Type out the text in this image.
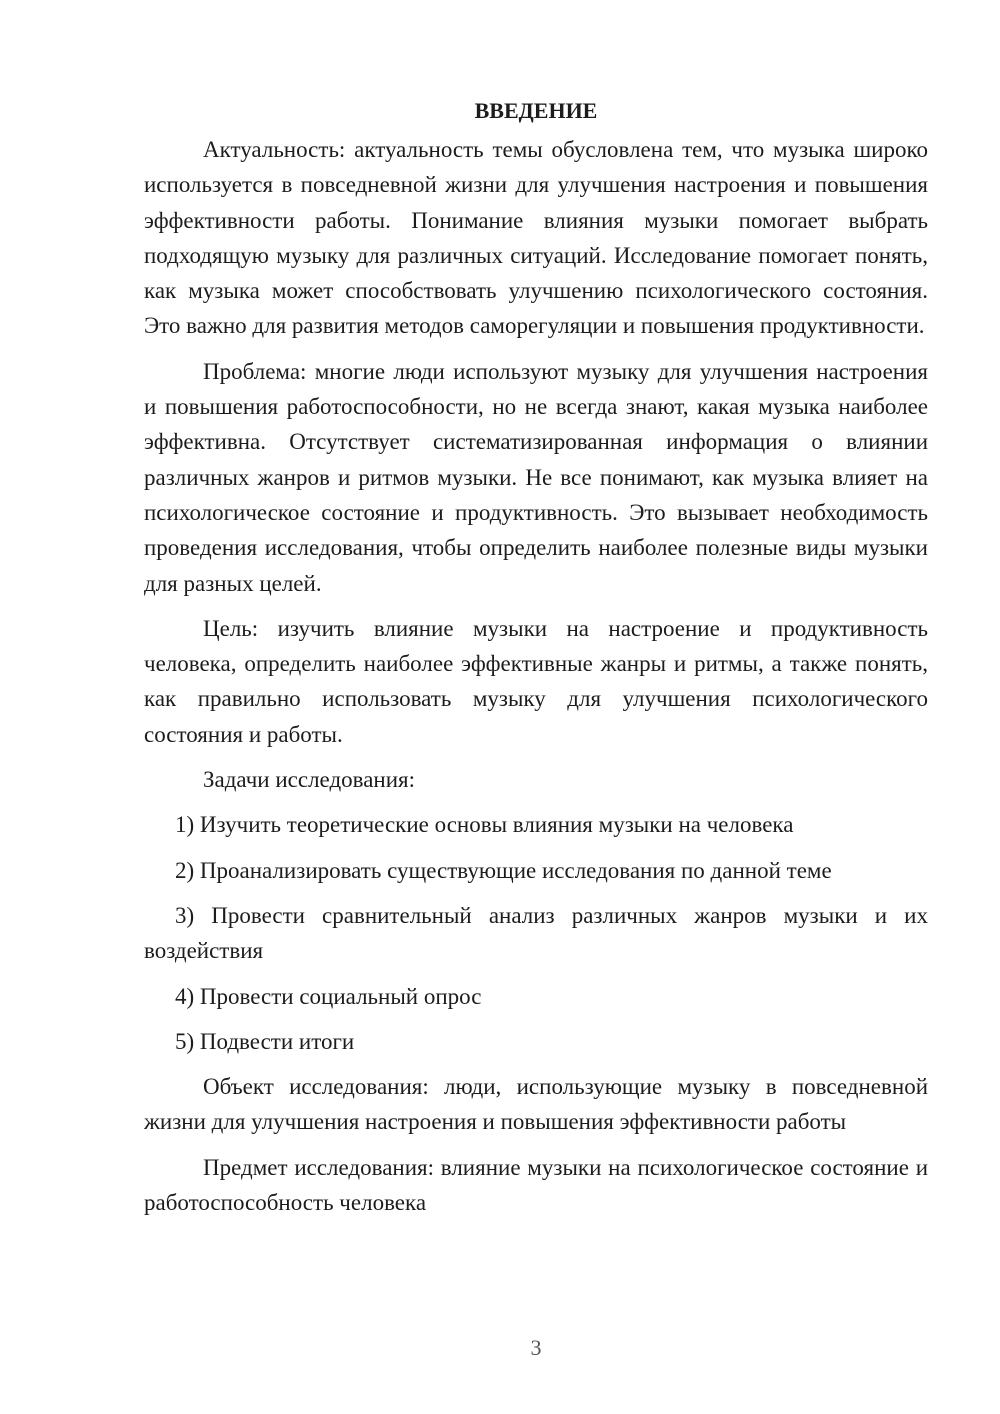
ВВЕДЕНИЕ

Актуальность: актуальность темы обусловлена тем, что музыка широко используется в повседневной жизни для улучшения настроения и повышения эффективности работы. Понимание влияния музыки помогает выбрать подходящую музыку для различных ситуаций. Исследование помогает понять, как музыка может способствовать улучшению психологического состояния. Это важно для развития методов саморегуляции и повышения продуктивности.

Проблема: многие люди используют музыку для улучшения настроения и повышения работоспособности, но не всегда знают, какая музыка наиболее эффективна. Отсутствует систематизированная информация о влиянии различных жанров и ритмов музыки. Не все понимают, как музыка влияет на психологическое состояние и продуктивность. Это вызывает необходимость проведения исследования, чтобы определить наиболее полезные виды музыки для разных целей.

Цель: изучить влияние музыки на настроение и продуктивность человека, определить наиболее эффективные жанры и ритмы, а также понять, как правильно использовать музыку для улучшения психологического состояния и работы.

Задачи исследования:

1) Изучить теоретические основы влияния музыки на человека

2) Проанализировать существующие исследования по данной теме

3) Провести сравнительный анализ различных жанров музыки и их воздействия

4) Провести социальный опрос

5) Подвести итоги

Объект исследования: люди, использующие музыку в повседневной жизни для улучшения настроения и повышения эффективности работы

Предмет исследования: влияние музыки на психологическое состояние и работоспособность человека

3
